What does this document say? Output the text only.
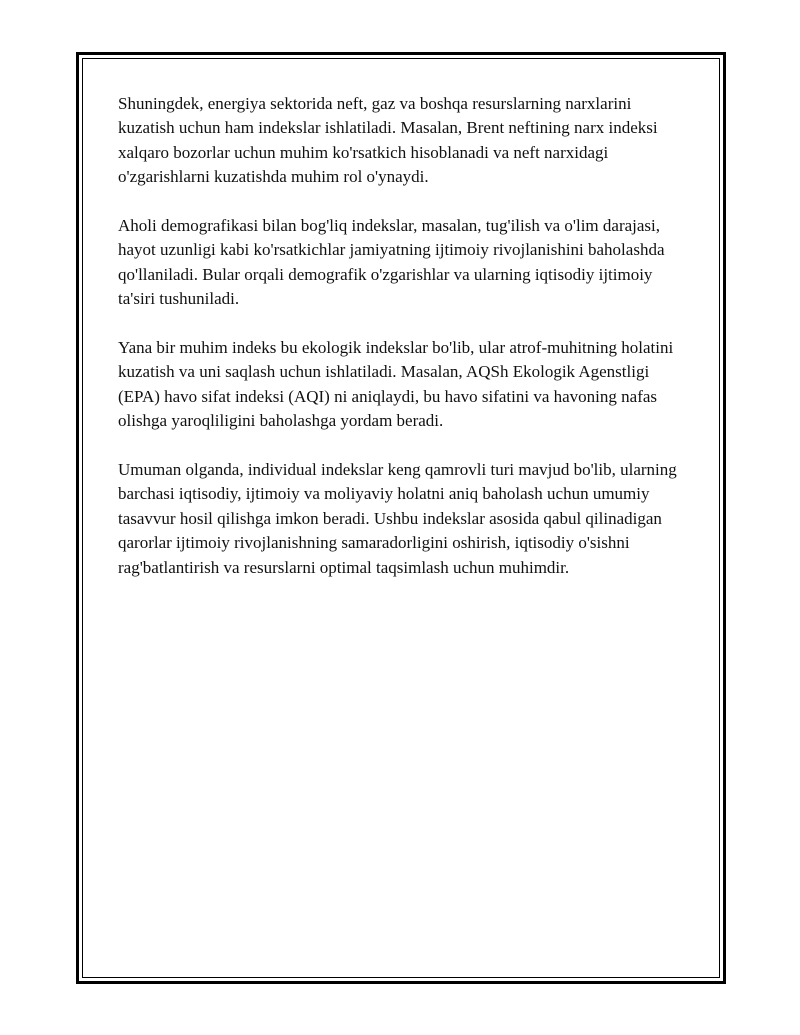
Shuningdek, energiya sektorida neft, gaz va boshqa resurslarning narxlarini kuzatish uchun ham indekslar ishlatiladi. Masalan, Brent neftining narx indeksi xalqaro bozorlar uchun muhim ko'rsatkich hisoblanadi va neft narxidagi o'zgarishlarni kuzatishda muhim rol o'ynaydi.

Aholi demografikasi bilan bog'liq indekslar, masalan, tug'ilish va o'lim darajasi, hayot uzunligi kabi ko'rsatkichlar jamiyatning ijtimoiy rivojlanishini baholashda qo'llaniladi. Bular orqali demografik o'zgarishlar va ularning iqtisodiy ijtimoiy ta'siri tushuniladi.

Yana bir muhim indeks bu ekologik indekslar bo'lib, ular atrof-muhitning holatini kuzatish va uni saqlash uchun ishlatiladi. Masalan, AQSh Ekologik Agenstligi (EPA) havo sifat indeksi (AQI) ni aniqlaydi, bu havo sifatini va havoning nafas olishga yaroqliligini baholashga yordam beradi.

Umuman olganda, individual indekslar keng qamrovli turi mavjud bo'lib, ularning barchasi iqtisodiy, ijtimoiy va moliyaviy holatni aniq baholash uchun umumiy tasavvur hosil qilishga imkon beradi. Ushbu indekslar asosida qabul qilinadigan qarorlar ijtimoiy rivojlanishning samaradorligini oshirish, iqtisodiy o'sishni rag'batlantirish va resurslarni optimal taqsimlash uchun muhimdir.
